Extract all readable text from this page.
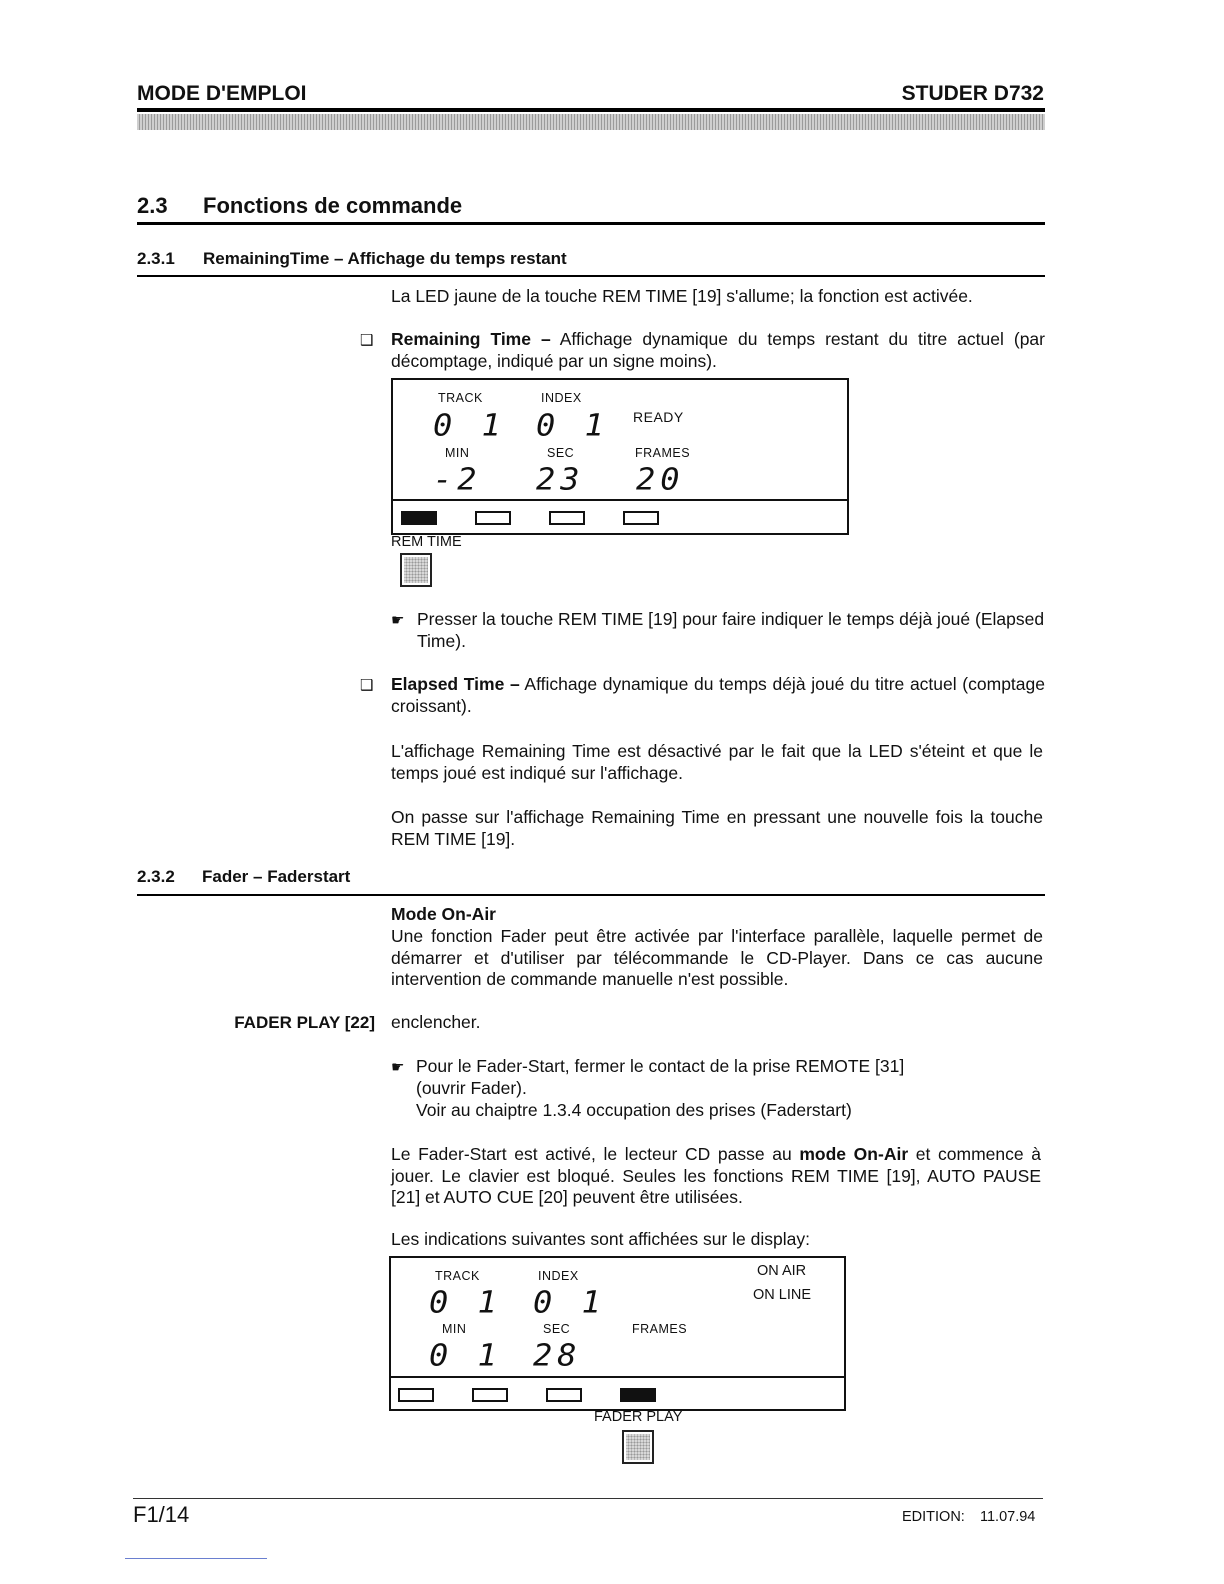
MODE D'EMPLOI	STUDER D732
2.3 Fonctions de commande
2.3.1 RemainingTime – Affichage du temps restant
La LED jaune de la touche REM TIME [19] s'allume; la fonction est activée.
❑ Remaining Time – Affichage dynamique du temps restant du titre actuel (par décomptage, indiqué par un signe moins).
TRACK	INDEX
READY
0 1 0 1
MIN	SEC	FRAMES
-2 23 20
REM TIME
☛ Presser la touche REM TIME [19] pour faire indiquer le temps déjà joué (Elapsed Time).
❑ Elapsed Time – Affichage dynamique du temps déjà joué du titre actuel (comptage croissant).
L'affichage Remaining Time est désactivé par le fait que la LED s'éteint et que le temps joué est indiqué sur l'affichage.
On passe sur l'affichage Remaining Time en pressant une nouvelle fois la touche REM TIME [19].
2.3.2 Fader – Faderstart
Mode On-Air
Une fonction Fader peut être activée par l'interface parallèle, laquelle permet de démarrer et d'utiliser par télécommande le CD-Player. Dans ce cas aucune intervention de commande manuelle n'est possible.
FADER PLAY [22] enclencher.
☛ Pour le Fader-Start, fermer le contact de la prise REMOTE [31]
(ouvrir Fader).
Voir au chaiptre 1.3.4 occupation des prises (Faderstart)
Le Fader-Start est activé, le lecteur CD passe au mode On-Air et commence à jouer. Le clavier est bloqué. Seules les fonctions REM TIME [19], AUTO PAUSE [21] et AUTO CUE [20] peuvent être utilisées.
Les indications suivantes sont affichées sur le display:
TRACK	INDEX	ON AIR
ON LINE
0 1 0 1
MIN	SEC	FRAMES
0 1 28
FADER PLAY
F1/14	EDITION: 11.07.94
